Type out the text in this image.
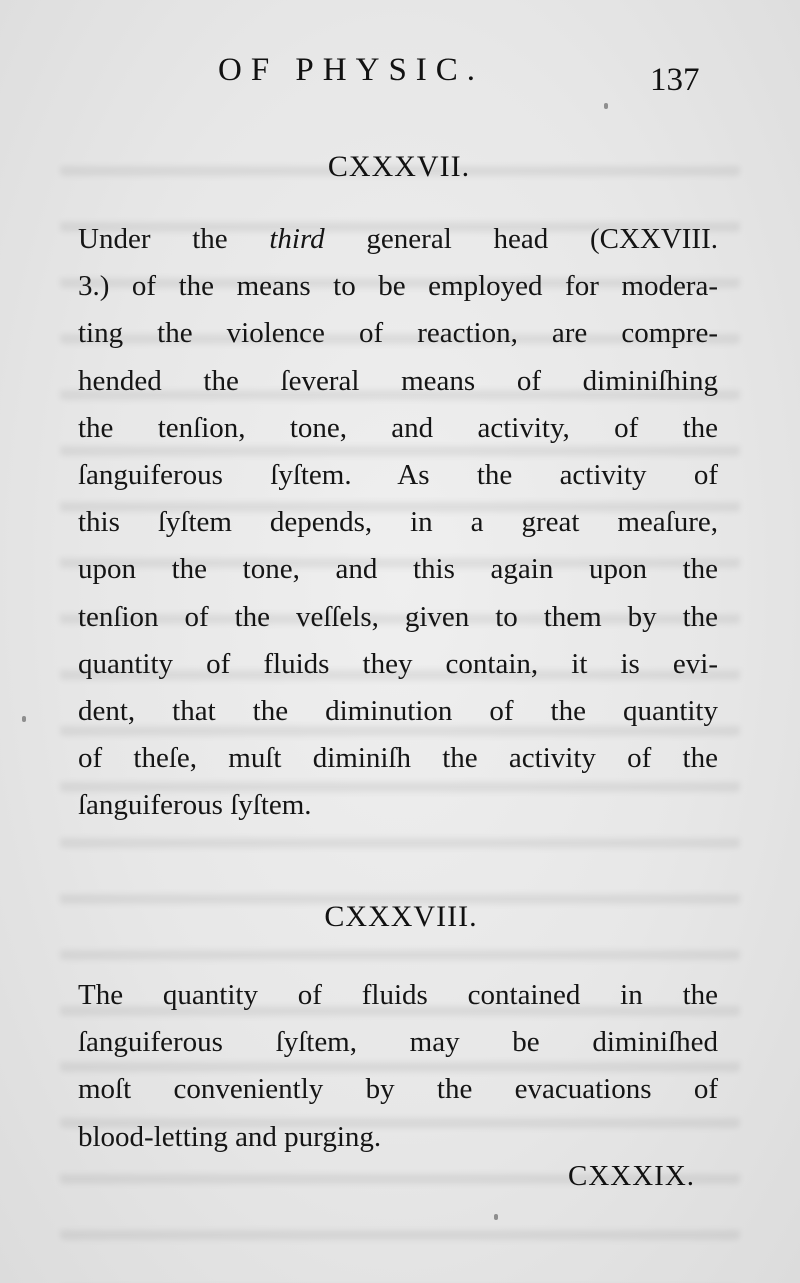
OF PHYSIC.	137
CXXXVII.
Under the third general head (CXXVIII.
3.) of the means to be employed for modera-
ting the violence of reaction, are compre-
hended the ſeveral means of diminiſhing
the tenſion, tone, and activity, of the
ſanguiferous ſyſtem. As the activity of
this ſyſtem depends, in a great meaſure,
upon the tone, and this again upon the
tenſion of the veſſels, given to them by the
quantity of fluids they contain, it is evi-
dent, that the diminution of the quantity
of theſe, muſt diminiſh the activity of the
ſanguiferous ſyſtem.
CXXXVIII.
The quantity of fluids contained in the
ſanguiferous ſyſtem, may be diminiſhed
moſt conveniently by the evacuations of
blood-letting and purging.
CXXXIX.
